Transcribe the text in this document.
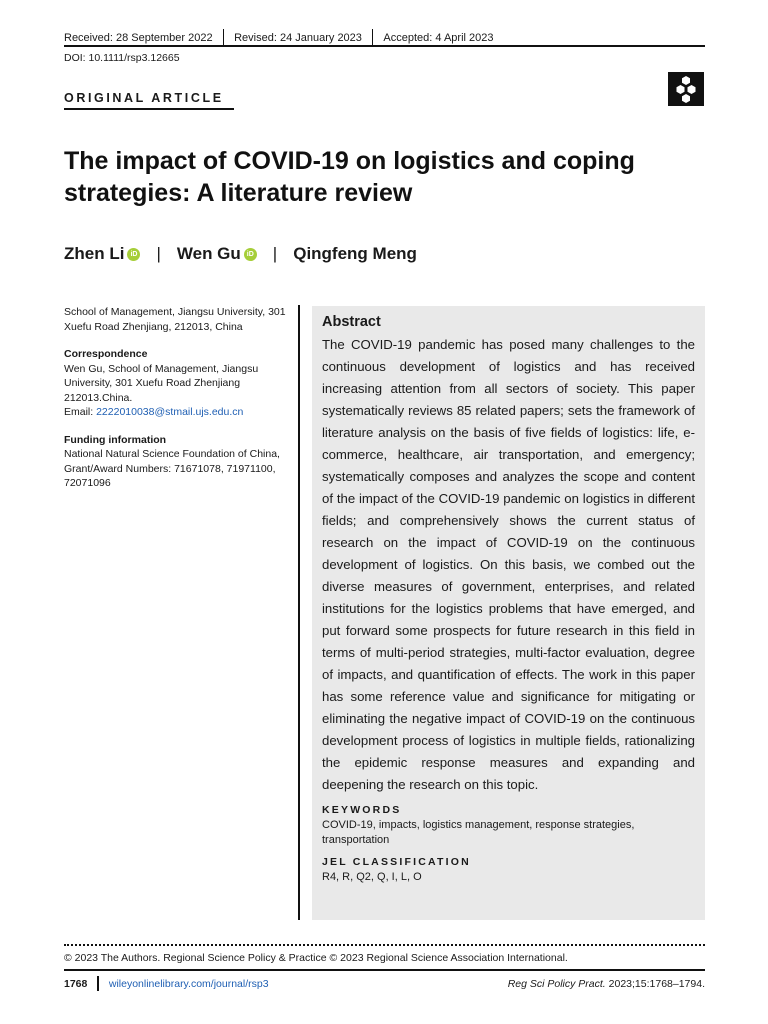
Received: 28 September 2022 Revised: 24 January 2023 Accepted: 4 April 2023
DOI: 10.1111/rsp3.12665
ORIGINAL ARTICLE
The impact of COVID-19 on logistics and coping strategies: A literature review
Zhen Li iD | Wen Gu iD | Qingfeng Meng
School of Management, Jiangsu University, 301 Xuefu Road Zhenjiang, 212013, China
Correspondence
Wen Gu, School of Management, Jiangsu University, 301 Xuefu Road Zhenjiang 212013.China.
Email: 2222010038@stmail.ujs.edu.cn
Funding information
National Natural Science Foundation of China, Grant/Award Numbers: 71671078, 71971100, 72071096
Abstract

The COVID-19 pandemic has posed many challenges to the continuous development of logistics and has received increasing attention from all sectors of society. This paper systematically reviews 85 related papers; sets the framework of literature analysis on the basis of five fields of logistics: life, e-commerce, healthcare, air transportation, and emergency; systematically composes and analyzes the scope and content of the impact of the COVID-19 pandemic on logistics in different fields; and comprehensively shows the current status of research on the impact of COVID-19 on the continuous development of logistics. On this basis, we combed out the diverse measures of government, enterprises, and related institutions for the logistics problems that have emerged, and put forward some prospects for future research in this field in terms of multi-period strategies, multi-factor evaluation, degree of impacts, and quantification of effects. The work in this paper has some reference value and significance for mitigating or eliminating the negative impact of COVID-19 on the continuous development process of logistics in multiple fields, rationalizing the epidemic response measures and expanding and deepening the research on this topic.

KEYWORDS
COVID-19, impacts, logistics management, response strategies, transportation
JEL CLASSIFICATION
R4, R, Q2, Q, I, L, O
© 2023 The Authors. Regional Science Policy & Practice © 2023 Regional Science Association International.
1768 wileyonlinelibrary.com/journal/rsp3	Reg Sci Policy Pract. 2023;15:1768–1794.
